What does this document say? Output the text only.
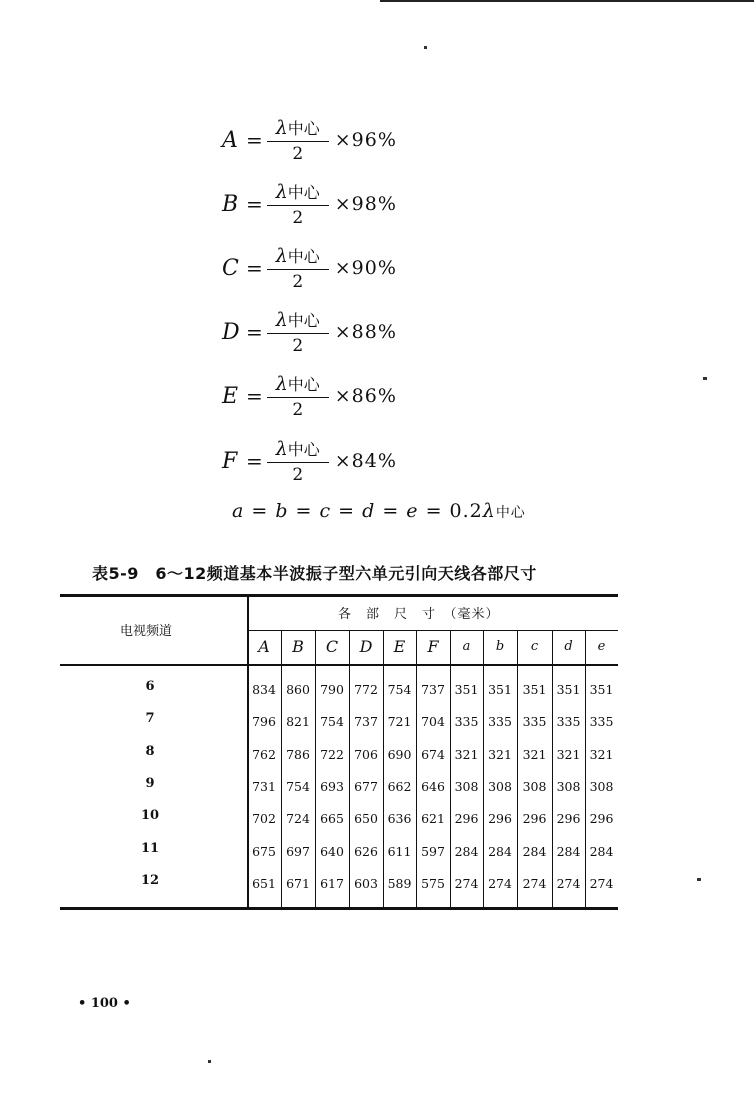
$A = \frac{\text{λ中心}}{2} \times 96\%$
$B = \frac{\text{λ中心}}{2} \times 98\%$
$C = \frac{\text{λ中心}}{2} \times 90\%$
$D = \frac{\text{λ中心}}{2} \times 88\%$
$E = \frac{\text{λ中心}}{2} \times 86\%$
$F = \frac{\text{λ中心}}{2} \times 84\%$
a = b = c = d = e = 0.2λ中心
表5-9　6～12频道基本半波振子型六单元引向天线各部尺寸
电视频道
各　部　尺　寸　（毫米）
A	B	C	D	E	F	a	b	c	d	e
6	834 860 790 772 754 737 351 351 351 351 351
7	796 821 754 737 721 704 335 335 335 335 335
8	762 786 722 706 690 674 321 321 321 321 321
9	731 754 693 677 662 646 308 308 308 308 308
10	702 724 665 650 636 621 296 296 296 296 296
11	675 697 640 626 611 597 284 284 284 284 284
12	651 671 617 603 589 575 274 274 274 274 274
• 100 •
